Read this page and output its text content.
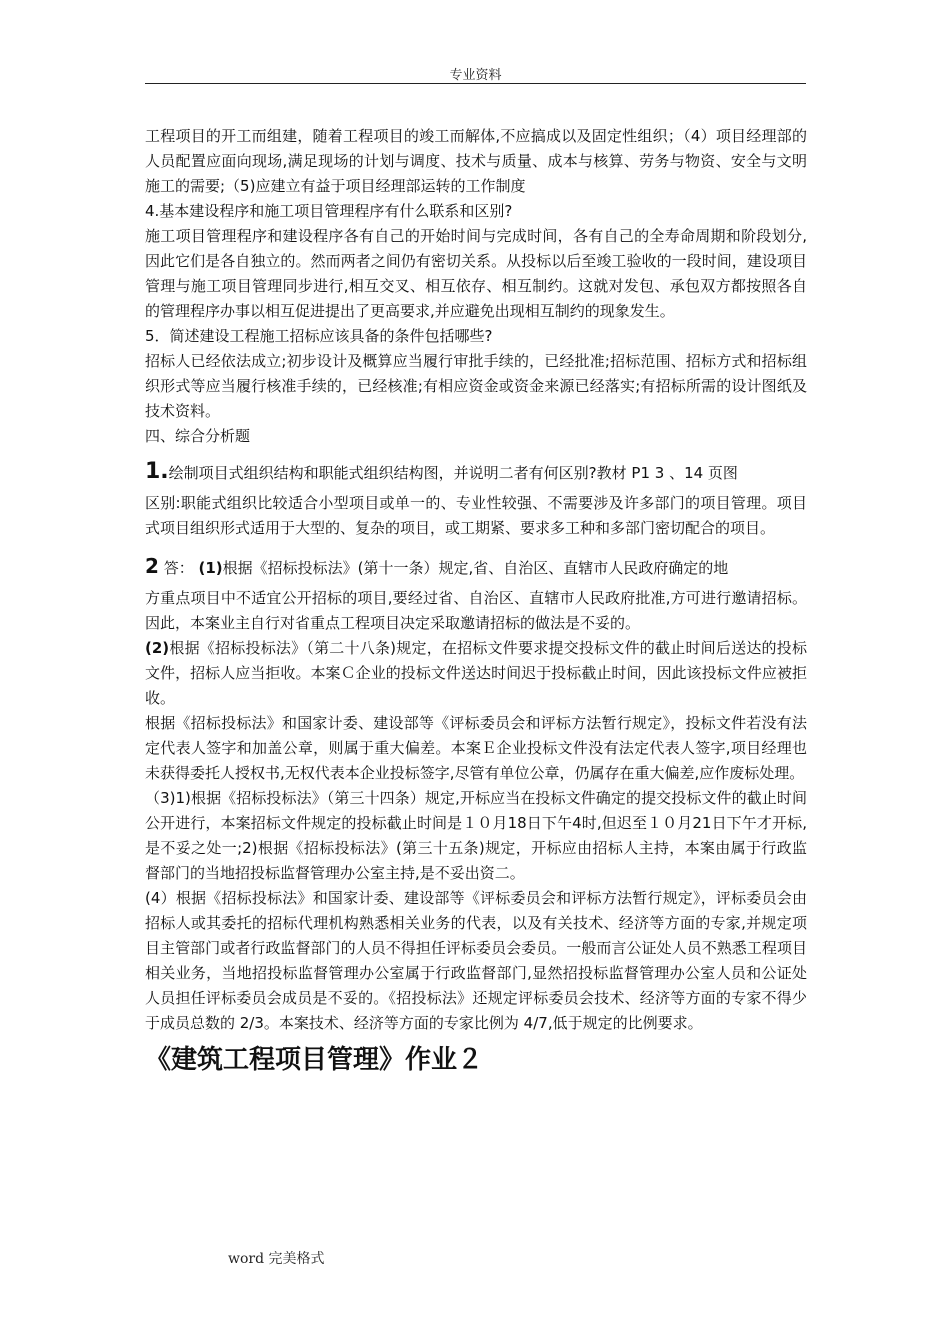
专业资料

工程项目的开工而组建，随着工程项目的竣工而解体,不应搞成以及固定性组织；（4）项目经理部的人员配置应面向现场,满足现场的计划与调度、技术与质量、成本与核算、劳务与物资、安全与文明施工的需要;（5)应建立有益于项目经理部运转的工作制度

4.基本建设程序和施工项目管理程序有什么联系和区别?

施工项目管理程序和建设程序各有自己的开始时间与完成时间，各有自己的全寿命周期和阶段划分,因此它们是各自独立的。然而两者之间仍有密切关系。从投标以后至竣工验收的一段时间，建设项目管理与施工项目管理同步进行,相互交叉、相互依存、相互制约。这就对发包、承包双方都按照各自的管理程序办事以相互促进提出了更高要求,并应避免出现相互制约的现象发生。

5．简述建设工程施工招标应该具备的条件包括哪些?

招标人已经依法成立;初步设计及概算应当履行审批手续的，已经批准;招标范围、招标方式和招标组织形式等应当履行核准手续的，已经核准;有相应资金或资金来源已经落实;有招标所需的设计图纸及技术资料。

四、综合分析题

1.绘制项目式组织结构和职能式组织结构图，并说明二者有何区别?教材 P1 3 、14 页图

区别:职能式组织比较适合小型项目或单一的、专业性较强、不需要涉及许多部门的项目管理。项目式项目组织形式适用于大型的、复杂的项目，或工期紧、要求多工种和多部门密切配合的项目。

2 答： (1)根据《招标投标法》(第十一条）规定,省、自治区、直辖市人民政府确定的地

方重点项目中不适宜公开招标的项目,要经过省、自治区、直辖市人民政府批准,方可进行邀请招标。因此，本案业主自行对省重点工程项目决定采取邀请招标的做法是不妥的。

(2)根据《招标投标法》（第二十八条)规定，在招标文件要求提交投标文件的截止时间后送达的投标文件，招标人应当拒收。本案Ｃ企业的投标文件送达时间迟于投标截止时间，因此该投标文件应被拒收。

根据《招标投标法》和国家计委、建设部等《评标委员会和评标方法暂行规定》，投标文件若没有法定代表人签字和加盖公章，则属于重大偏差。本案Ｅ企业投标文件没有法定代表人签字,项目经理也未获得委托人授权书,无权代表本企业投标签字,尽管有单位公章，仍属存在重大偏差,应作废标处理。

（3)1)根据《招标投标法》（第三十四条）规定,开标应当在投标文件确定的提交投标文件的截止时间公开进行，本案招标文件规定的投标截止时间是１０月18日下午4时,但迟至１０月21日下午才开标,是不妥之处一;2)根据《招标投标法》(第三十五条)规定，开标应由招标人主持，本案由属于行政监督部门的当地招投标监督管理办公室主持,是不妥出资二。

(4）根据《招标投标法》和国家计委、建设部等《评标委员会和评标方法暂行规定》，评标委员会由招标人或其委托的招标代理机构熟悉相关业务的代表，以及有关技术、经济等方面的专家,并规定项目主管部门或者行政监督部门的人员不得担任评标委员会委员。一般而言公证处人员不熟悉工程项目相关业务，当地招投标监督管理办公室属于行政监督部门,显然招投标监督管理办公室人员和公证处人员担任评标委员会成员是不妥的。《招投标法》还规定评标委员会技术、经济等方面的专家不得少于成员总数的 2/3。本案技术、经济等方面的专家比例为 4/7,低于规定的比例要求。

《建筑工程项目管理》作业２
word 完美格式
